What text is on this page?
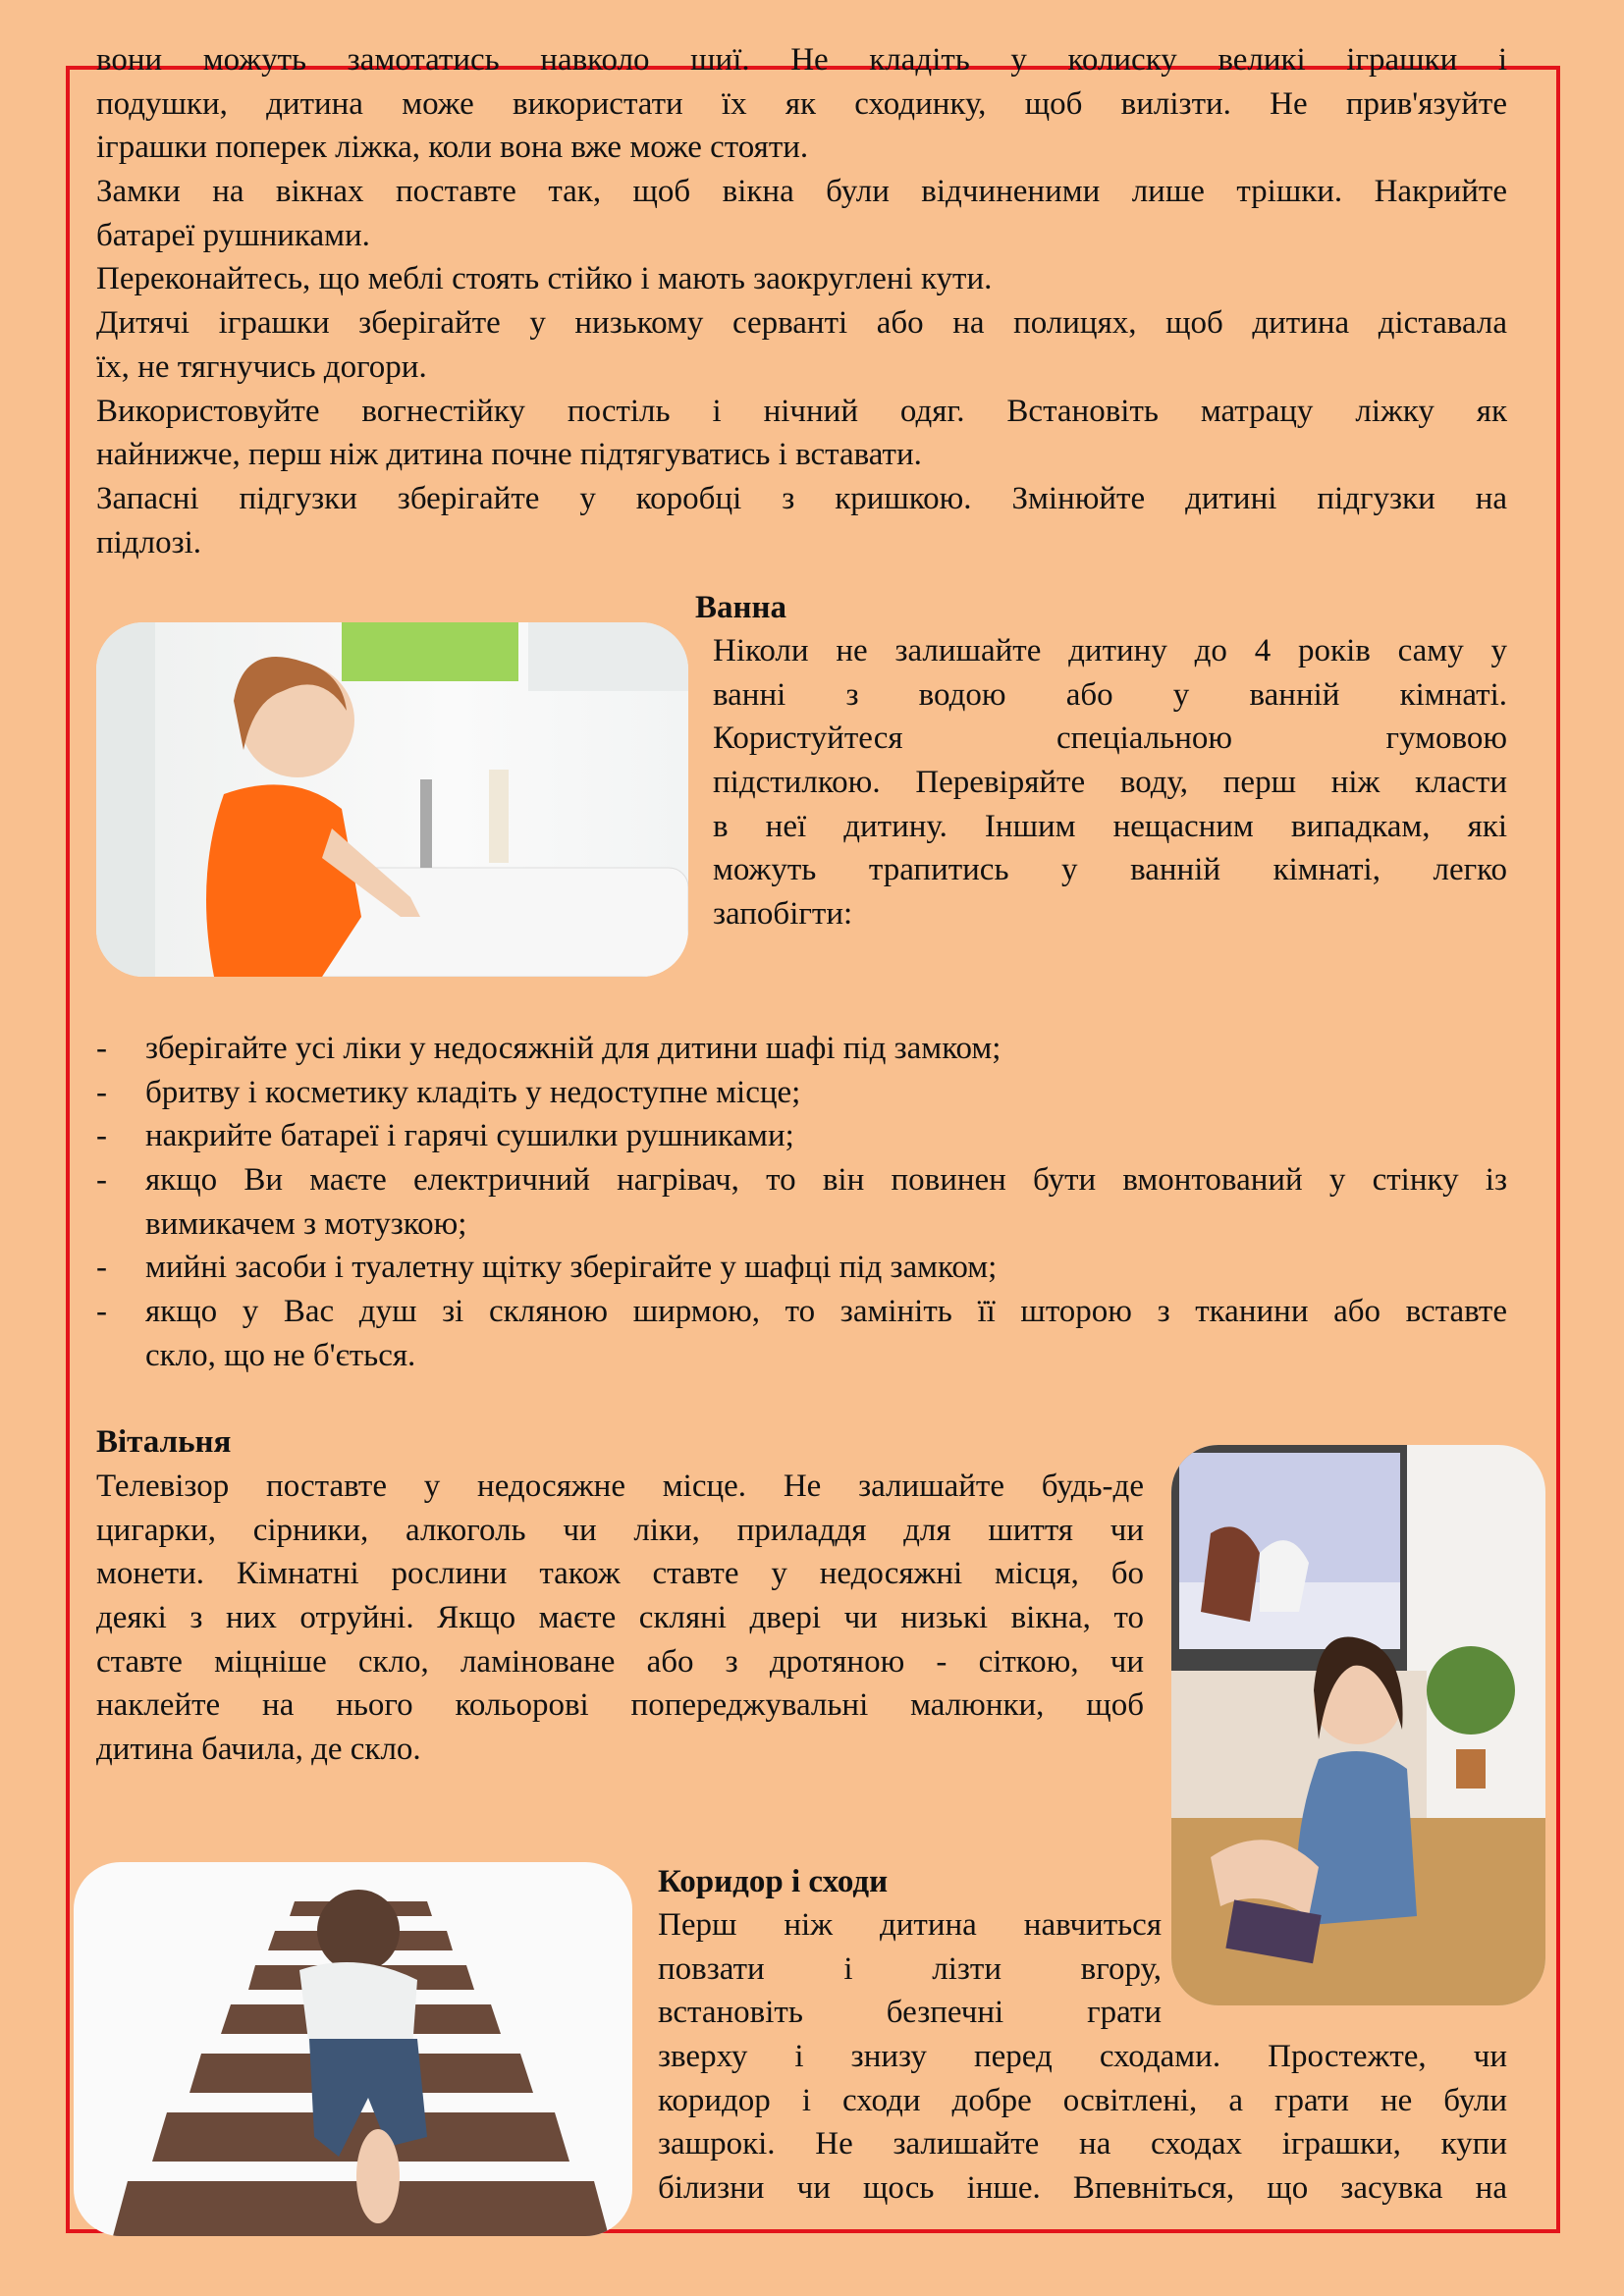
вони можуть замотатись навколо шиї. Не кладіть у колиску великі іграшки і
подушки, дитина може використати їх як сходинку, щоб вилізти. Не прив'язуйте
іграшки поперек ліжка, коли вона вже може стояти.
Замки на вікнах поставте так, щоб вікна були відчиненими лише трішки. Накрийте
батареї рушниками.
Переконайтесь, що меблі стоять стійко і мають заокруглені кути.
Дитячі іграшки зберігайте у низькому серванті або на полицях, щоб дитина діставала
їх, не тягнучись догори.
Використовуйте вогнестійку постіль і нічний одяг. Встановіть матрацу ліжку як
найнижче, перш ніж дитина почне підтягуватись і вставати.
Запасні підгузки зберігайте у коробці з кришкою. Змінюйте дитині підгузки на
підлозі.
Ванна
Ніколи не залишайте дитину до 4 років саму у
ванні з водою або у ванній кімнаті.
Користуйтеся спеціальною гумовою
підстилкою. Перевіряйте воду, перш ніж класти
в неї дитину. Іншим нещасним випадкам, які
можуть трапитись у ванній кімнаті, легко
запобігти:
- зберігайте усі ліки у недосяжній для дитини шафі під замком;
- бритву і косметику кладіть у недоступне місце;
- накрийте батареї і гарячі сушилки рушниками;
- якщо Ви маєте електричний нагрівач, то він повинен бути вмонтований у стінку із
вимикачем з мотузкою;
- мийні засоби і туалетну щітку зберігайте у шафці під замком;
- якщо у Вас душ зі скляною ширмою, то замініть її шторою з тканини або вставте
скло, що не б'ється.
Вітальня
Телевізор поставте у недосяжне місце. Не залишайте будь-де
цигарки, сірники, алкоголь чи ліки, приладдя для шиття чи
монети. Кімнатні рослини також ставте у недосяжні місця, бо
деякі з них отруйні. Якщо маєте скляні двері чи низькі вікна, то
ставте міцніше скло, ламіноване або з дротяною - сіткою, чи
наклейте на нього кольорові попереджувальні малюнки, щоб
дитина бачила, де скло.
Коридор і сходи
Перш ніж дитина навчиться
повзати і лізти вгору,
встановіть безпечні грати
зверху і знизу перед сходами. Простежте, чи
коридор і сходи добре освітлені, а грати не були
зашрокі. Не залишайте на сходах іграшки, купи
білизни чи щось інше. Впевніться, що засувка на
